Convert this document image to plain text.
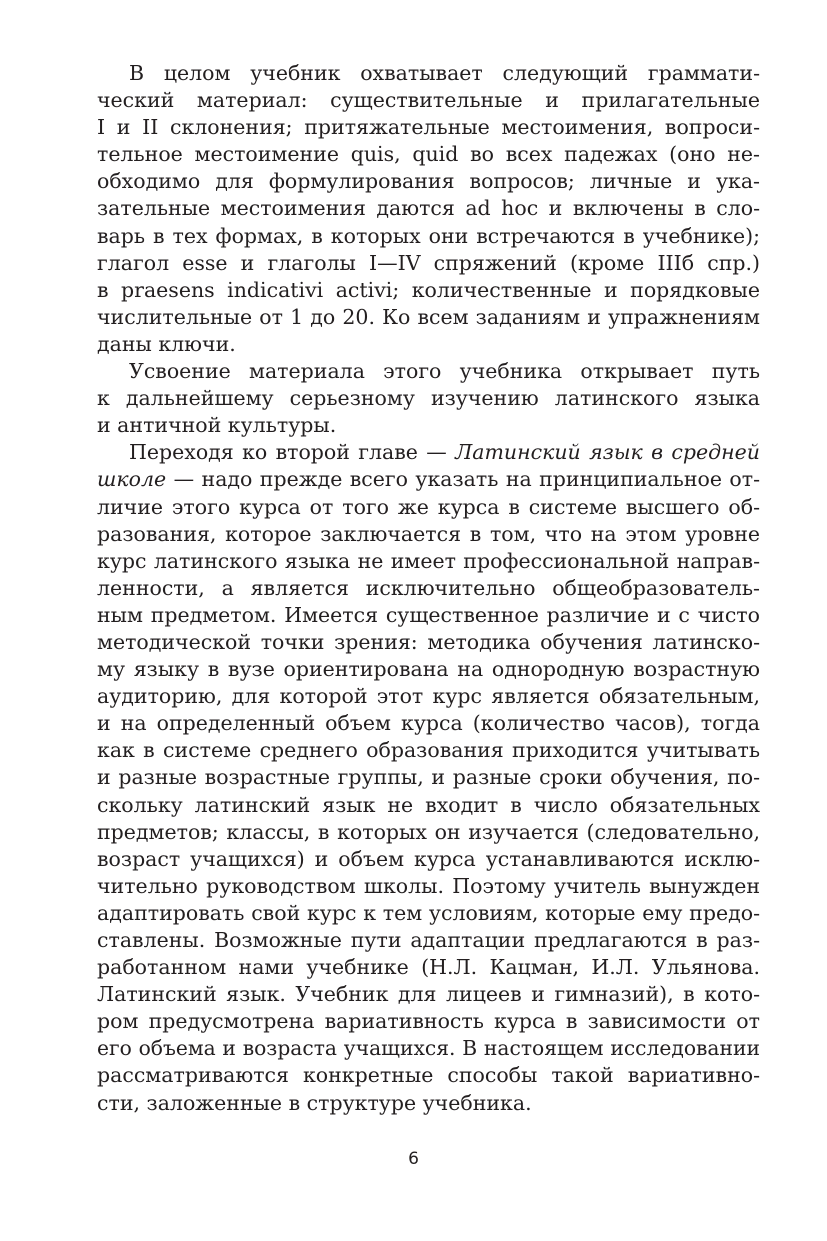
В целом учебник охватывает следующий граммати-
ческий материал: существительные и прилагательные
I и II склонения; притяжательные местоимения, вопроси-
тельное местоимение quis, quid во всех падежах (оно не-
обходимо для формулирования вопросов; личные и ука-
зательные местоимения даются ad hoc и включены в сло-
варь в тех формах, в которых они встречаются в учебнике);
глагол esse и глаголы I—IV спряжений (кроме IIIб спр.)
в praesens indicativi activi; количественные и порядковые
числительные от 1 до 20. Ко всем заданиям и упражнениям
даны ключи.
Усвоение материала этого учебника открывает путь
к дальнейшему серьезному изучению латинского языка
и античной культуры.
Переходя ко второй главе — Латинский язык в средней
школе — надо прежде всего указать на принципиальное от-
личие этого курса от того же курса в системе высшего об-
разования, которое заключается в том, что на этом уровне
курс латинского языка не имеет профессиональной направ-
ленности, а является исключительно общеобразователь-
ным предметом. Имеется существенное различие и с чисто
методической точки зрения: методика обучения латинско-
му языку в вузе ориентирована на однородную возрастную
аудиторию, для которой этот курс является обязательным,
и на определенный объем курса (количество часов), тогда
как в системе среднего образования приходится учитывать
и разные возрастные группы, и разные сроки обучения, по-
скольку латинский язык не входит в число обязательных
предметов; классы, в которых он изучается (следовательно,
возраст учащихся) и объем курса устанавливаются исклю-
чительно руководством школы. Поэтому учитель вынужден
адаптировать свой курс к тем условиям, которые ему предо-
ставлены. Возможные пути адаптации предлагаются в раз-
работанном нами учебнике (Н.Л. Кацман, И.Л. Ульянова.
Латинский язык. Учебник для лицеев и гимназий), в кото-
ром предусмотрена вариативность курса в зависимости от
его объема и возраста учащихся. В настоящем исследовании
рассматриваются конкретные способы такой вариативно-
сти, заложенные в структуре учебника.
6
